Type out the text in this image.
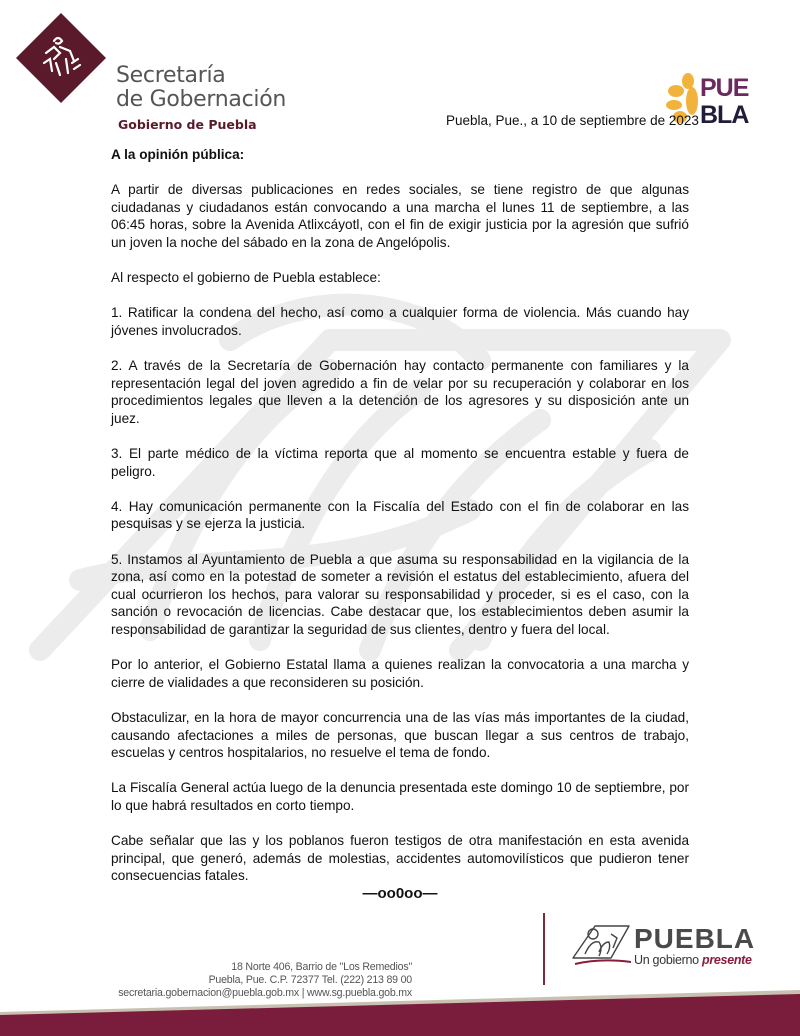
Secretaría
de Gobernación
Gobierno de Puebla
PUE
BLA
Puebla, Pue., a 10 de septiembre de 2023

A la opinión pública:

A partir de diversas publicaciones en redes sociales, se tiene registro de que algunas ciudadanas y ciudadanos están convocando a una marcha el lunes 11 de septiembre, a las 06:45 horas, sobre la Avenida Atlixcáyotl, con el fin de exigir justicia por la agresión que sufrió un joven la noche del sábado en la zona de Angelópolis.

Al respecto el gobierno de Puebla establece:

1. Ratificar la condena del hecho, así como a cualquier forma de violencia. Más cuando hay jóvenes involucrados.

2. A través de la Secretaría de Gobernación hay contacto permanente con familiares y la representación legal del joven agredido a fin de velar por su recuperación y colaborar en los procedimientos legales que lleven a la detención de los agresores y su disposición ante un juez.

3. El parte médico de la víctima reporta que al momento se encuentra estable y fuera de peligro.

4. Hay comunicación permanente con la Fiscalía del Estado con el fin de colaborar en las pesquisas y se ejerza la justicia.

5. Instamos al Ayuntamiento de Puebla a que asuma su responsabilidad en la vigilancia de la zona, así como en la potestad de someter a revisión el estatus del establecimiento, afuera del cual ocurrieron los hechos, para valorar su responsabilidad y proceder, si es el caso, con la sanción o revocación de licencias. Cabe destacar que, los establecimientos deben asumir la responsabilidad de garantizar la seguridad de sus clientes, dentro y fuera del local.

Por lo anterior, el Gobierno Estatal llama a quienes realizan la convocatoria a una marcha y cierre de vialidades a que reconsideren su posición.

Obstaculizar, en la hora de mayor concurrencia una de las vías más importantes de la ciudad, causando afectaciones a miles de personas, que buscan llegar a sus centros de trabajo, escuelas y centros hospitalarios, no resuelve el tema de fondo.

La Fiscalía General actúa luego de la denuncia presentada este domingo 10 de septiembre, por lo que habrá resultados en corto tiempo.

Cabe señalar que las y los poblanos fueron testigos de otra manifestación en esta avenida principal, que generó, además de molestias, accidentes automovilísticos que pudieron tener consecuencias fatales.

—oo0oo—
18 Norte 406, Barrio de "Los Remedios"
Puebla, Pue. C.P. 72377 Tel. (222) 213 89 00
secretaria.gobernacion@puebla.gob.mx | www.sg.puebla.gob.mx
PUEBLA
Un gobierno presente
